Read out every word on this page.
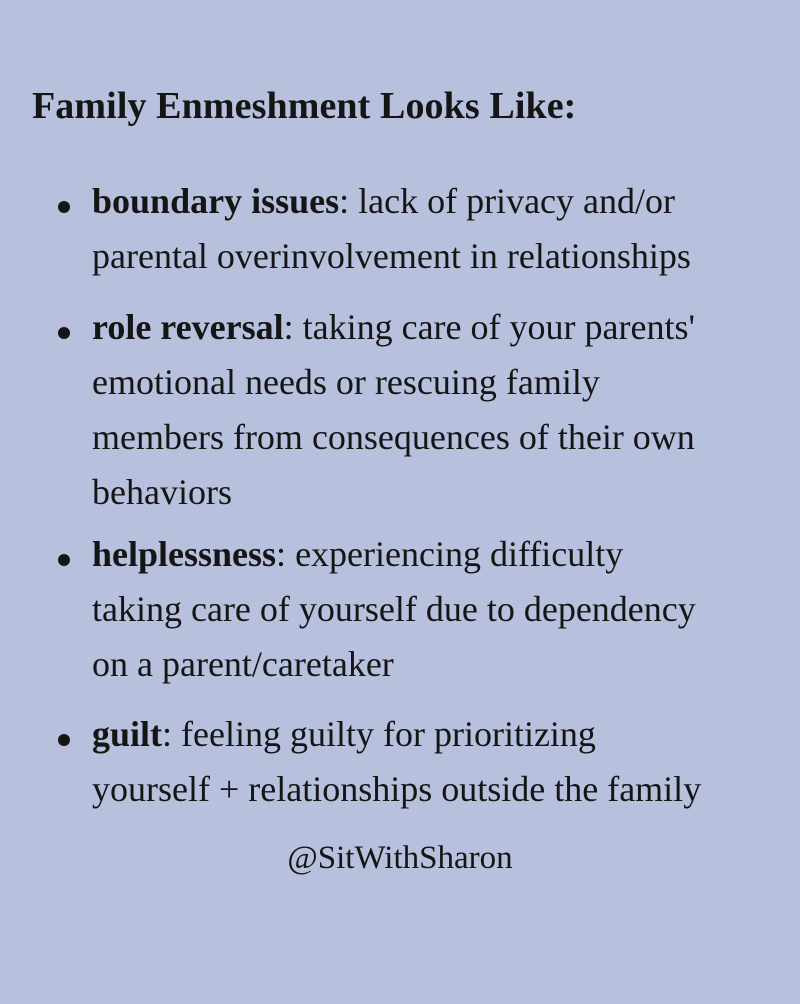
Family Enmeshment Looks Like:

boundary issues: lack of privacy and/or

parental overinvolvement in relationships

role reversal: taking care of your parents'

emotional needs or rescuing family

members from consequences of their own

behaviors

helplessness: experiencing difficulty

taking care of yourself due to dependency

on a parent/caretaker

guilt: feeling guilty for prioritizing

yourself + relationships outside the family

@SitWithSharon
